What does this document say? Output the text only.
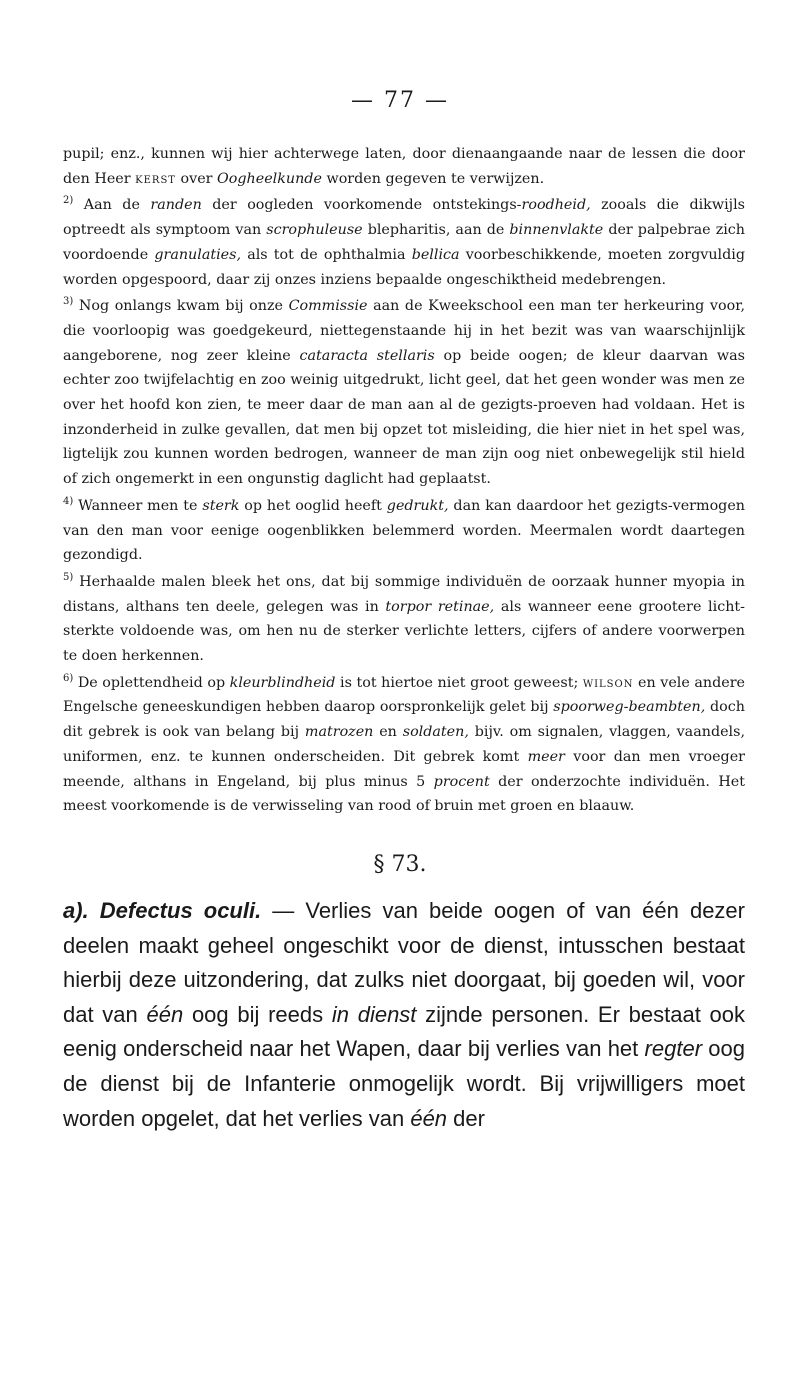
— 77 —

pupil; enz., kunnen wij hier achterwege laten, door dienaangaande naar de lessen die door den Heer kerst over Oogheelkunde worden gegeven te verwijzen.

$^{2)}$ Aan de randen der oogleden voorkomende ontstekings-roodheid, zooals die dikwijls optreedt als symptoom van scrophuleuse blepharitis, aan de binnenvlakte der palpebrae zich voordoende granulaties, als tot de ophthalmia bellica voorbeschikkende, moeten zorgvuldig worden opgespoord, daar zij onzes inziens bepaalde ongeschiktheid medebrengen.

$^{3)}$ Nog onlangs kwam bij onze Commissie aan de Kweekschool een man ter herkeuring voor, die voorloopig was goedgekeurd, niettegenstaande hij in het bezit was van waarschijnlijk aangeborene, nog zeer kleine cataracta stellaris op beide oogen; de kleur daarvan was echter zoo twijfelachtig en zoo weinig uitgedrukt, licht geel, dat het geen wonder was men ze over het hoofd kon zien, te meer daar de man aan al de gezigts-proeven had voldaan. Het is inzonderheid in zulke gevallen, dat men bij opzet tot misleiding, die hier niet in het spel was, ligtelijk zou kunnen worden bedrogen, wanneer de man zijn oog niet onbewegelijk stil hield of zich ongemerkt in een ongunstig daglicht had geplaatst.

$^{4)}$ Wanneer men te sterk op het ooglid heeft gedrukt, dan kan daardoor het gezigts-vermogen van den man voor eenige oogenblikken belemmerd worden. Meermalen wordt daartegen gezondigd.

$^{5)}$ Herhaalde malen bleek het ons, dat bij sommige individuën de oorzaak hunner myopia in distans, althans ten deele, gelegen was in torpor retinae, als wanneer eene grootere licht-sterkte voldoende was, om hen nu de sterker verlichte letters, cijfers of andere voorwerpen te doen herkennen.

$^{6)}$ De oplettendheid op kleurblindheid is tot hiertoe niet groot geweest; wilson en vele andere Engelsche geneeskundigen hebben daarop oorspronkelijk gelet bij spoorweg-beambten, doch dit gebrek is ook van belang bij matrozen en soldaten, bijv. om signalen, vlaggen, vaandels, uniformen, enz. te kunnen onderscheiden. Dit gebrek komt meer voor dan men vroeger meende, althans in Engeland, bij plus minus 5 procent der onderzochte individuën. Het meest voorkomende is de verwisseling van rood of bruin met groen en blaauw.

§ 73.

a). Defectus oculi. — Verlies van beide oogen of van één dezer deelen maakt geheel ongeschikt voor de dienst, intusschen bestaat hierbij deze uitzondering, dat zulks niet doorgaat, bij goeden wil, voor dat van één oog bij reeds in dienst zijnde personen. Er bestaat ook eenig onderscheid naar het Wapen, daar bij verlies van het regter oog de dienst bij de Infanterie onmogelijk wordt. Bij vrijwilligers moet worden opgelet, dat het verlies van één der
